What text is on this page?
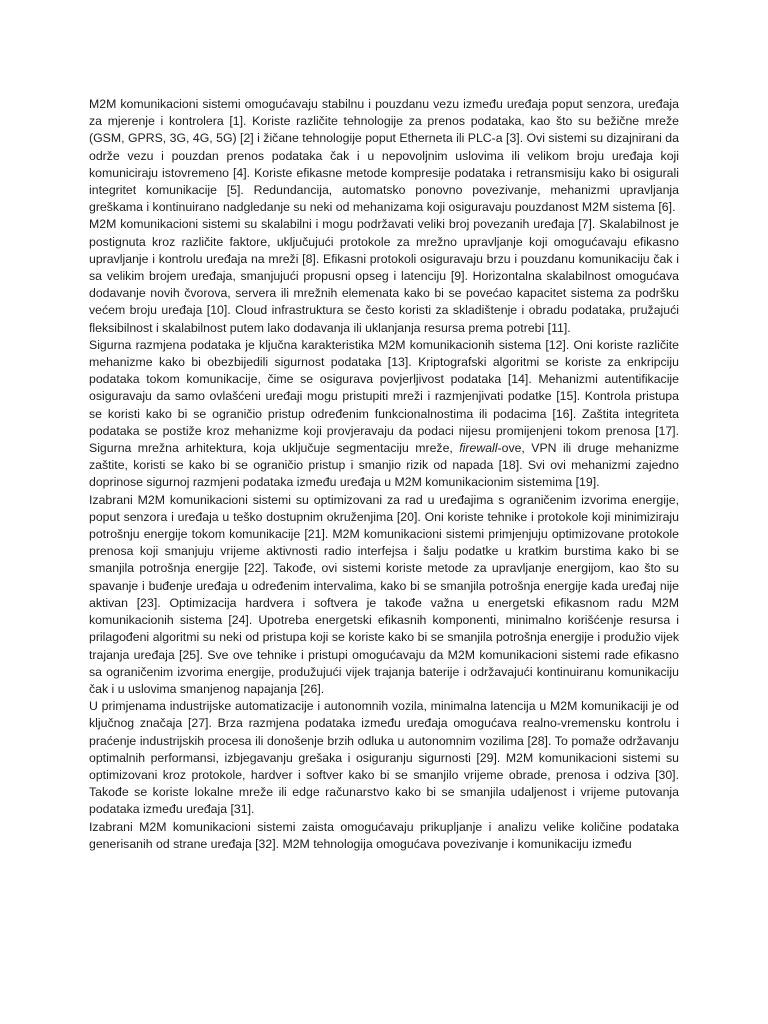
M2M komunikacioni sistemi omogućavaju stabilnu i pouzdanu vezu između uređaja poput senzora, uređaja za mjerenje i kontrolera [1]. Koriste različite tehnologije za prenos podataka, kao što su bežične mreže (GSM, GPRS, 3G, 4G, 5G) [2] i žičane tehnologije poput Etherneta ili PLC-a [3]. Ovi sistemi su dizajnirani da održe vezu i pouzdan prenos podataka čak i u nepovoljnim uslovima ili velikom broju uređaja koji komuniciraju istovremeno [4]. Koriste efikasne metode kompresije podataka i retransmisiju kako bi osigurali integritet komunikacije [5]. Redundancija, automatsko ponovno povezivanje, mehanizmi upravljanja greškama i kontinuirano nadgledanje su neki od mehanizama koji osiguravaju pouzdanost M2M sistema [6].

M2M komunikacioni sistemi su skalabilni i mogu podržavati veliki broj povezanih uređaja [7]. Skalabilnost je postignuta kroz različite faktore, uključujući protokole za mrežno upravljanje koji omogućavaju efikasno upravljanje i kontrolu uređaja na mreži [8]. Efikasni protokoli osiguravaju brzu i pouzdanu komunikaciju čak i sa velikim brojem uređaja, smanjujući propusni opseg i latenciju [9]. Horizontalna skalabilnost omogućava dodavanje novih čvorova, servera ili mrežnih elemenata kako bi se povećao kapacitet sistema za podršku većem broju uređaja [10]. Cloud infrastruktura se često koristi za skladištenje i obradu podataka, pružajući fleksibilnost i skalabilnost putem lako dodavanja ili uklanjanja resursa prema potrebi [11].

Sigurna razmjena podataka je ključna karakteristika M2M komunikacionih sistema [12]. Oni koriste različite mehanizme kako bi obezbijedili sigurnost podataka [13]. Kriptografski algoritmi se koriste za enkripciju podataka tokom komunikacije, čime se osigurava povjerljivost podataka [14]. Mehanizmi autentifikacije osiguravaju da samo ovlašćeni uređaji mogu pristupiti mreži i razmjenjivati podatke [15]. Kontrola pristupa se koristi kako bi se ograničio pristup određenim funkcionalnostima ili podacima [16]. Zaštita integriteta podataka se postiže kroz mehanizme koji provjeravaju da podaci nijesu promijenjeni tokom prenosa [17]. Sigurna mrežna arhitektura, koja uključuje segmentaciju mreže, firewall-ove, VPN ili druge mehanizme zaštite, koristi se kako bi se ograničio pristup i smanjio rizik od napada [18]. Svi ovi mehanizmi zajedno doprinose sigurnoj razmjeni podataka između uređaja u M2M komunikacionim sistemima [19].

Izabrani M2M komunikacioni sistemi su optimizovani za rad u uređajima s ograničenim izvorima energije, poput senzora i uređaja u teško dostupnim okruženjima [20]. Oni koriste tehnike i protokole koji minimiziraju potrošnju energije tokom komunikacije [21]. M2M komunikacioni sistemi primjenjuju optimizovane protokole prenosa koji smanjuju vrijeme aktivnosti radio interfejsa i šalju podatke u kratkim burstima kako bi se smanjila potrošnja energije [22]. Takođe, ovi sistemi koriste metode za upravljanje energijom, kao što su spavanje i buđenje uređaja u određenim intervalima, kako bi se smanjila potrošnja energije kada uređaj nije aktivan [23]. Optimizacija hardvera i softvera je takođe važna u energetski efikasnom radu M2M komunikacionih sistema [24]. Upotreba energetski efikasnih komponenti, minimalno korišćenje resursa i prilagođeni algoritmi su neki od pristupa koji se koriste kako bi se smanjila potrošnja energije i produžio vijek trajanja uređaja [25]. Sve ove tehnike i pristupi omogućavaju da M2M komunikacioni sistemi rade efikasno sa ograničenim izvorima energije, produžujući vijek trajanja baterije i održavajući kontinuiranu komunikaciju čak i u uslovima smanjenog napajanja [26].

U primjenama industrijske automatizacije i autonomnih vozila, minimalna latencija u M2M komunikaciji je od ključnog značaja [27]. Brza razmjena podataka između uređaja omogućava realno-vremensku kontrolu i praćenje industrijskih procesa ili donošenje brzih odluka u autonomnim vozilima [28]. To pomaže održavanju optimalnih performansi, izbjegavanju grešaka i osiguranju sigurnosti [29]. M2M komunikacioni sistemi su optimizovani kroz protokole, hardver i softver kako bi se smanjilo vrijeme obrade, prenosa i odziva [30]. Takođe se koriste lokalne mreže ili edge računarstvo kako bi se smanjila udaljenost i vrijeme putovanja podataka između uređaja [31].

Izabrani M2M komunikacioni sistemi zaista omogućavaju prikupljanje i analizu velike količine podataka generisanih od strane uređaja [32]. M2M tehnologija omogućava povezivanje i komunikaciju između
